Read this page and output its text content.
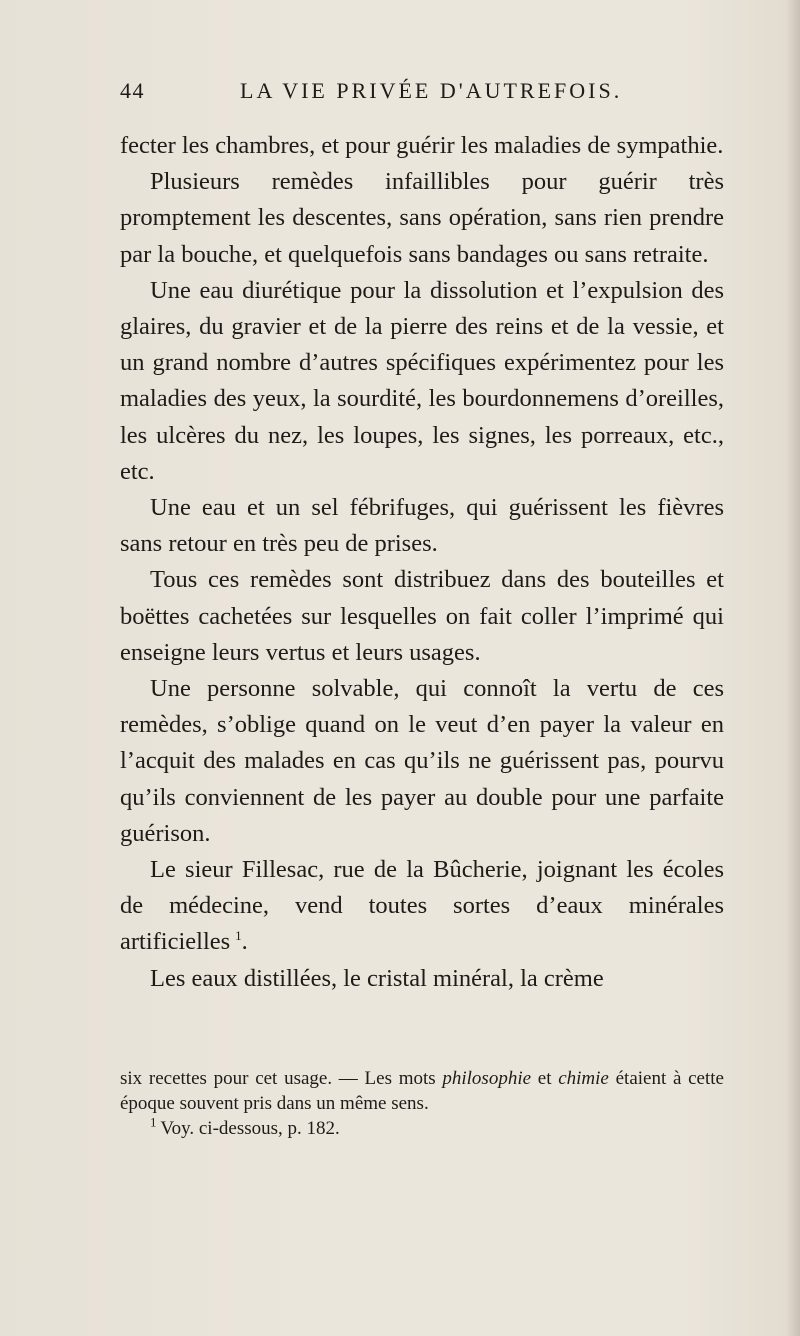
44	LA VIE PRIVÉE D'AUTREFOIS.

fecter les chambres, et pour guérir les maladies de sympathie.

Plusieurs remèdes infaillibles pour guérir très promptement les descentes, sans opération, sans rien prendre par la bouche, et quelquefois sans bandages ou sans retraite.

Une eau diurétique pour la dissolution et l’expulsion des glaires, du gravier et de la pierre des reins et de la vessie, et un grand nombre d’autres spécifiques expérimentez pour les maladies des yeux, la sourdité, les bourdonnemens d’oreilles, les ulcères du nez, les loupes, les signes, les porreaux, etc., etc.

Une eau et un sel fébrifuges, qui guérissent les fièvres sans retour en très peu de prises.

Tous ces remèdes sont distribuez dans des bouteilles et boëttes cachetées sur lesquelles on fait coller l’imprimé qui enseigne leurs vertus et leurs usages.

Une personne solvable, qui connoît la vertu de ces remèdes, s’oblige quand on le veut d’en payer la valeur en l’acquit des malades en cas qu’ils ne guérissent pas, pourvu qu’ils conviennent de les payer au double pour une parfaite guérison.

Le sieur Fillesac, rue de la Bûcherie, joignant les écoles de médecine, vend toutes sortes d’eaux minérales artificielles  $^1$.

Les eaux distillées, le cristal minéral, la crème

six recettes pour cet usage. — Les mots philosophie et chimie étaient à cette époque souvent pris dans un même sens.

$^1$  Voy. ci-dessous, p. 182.
